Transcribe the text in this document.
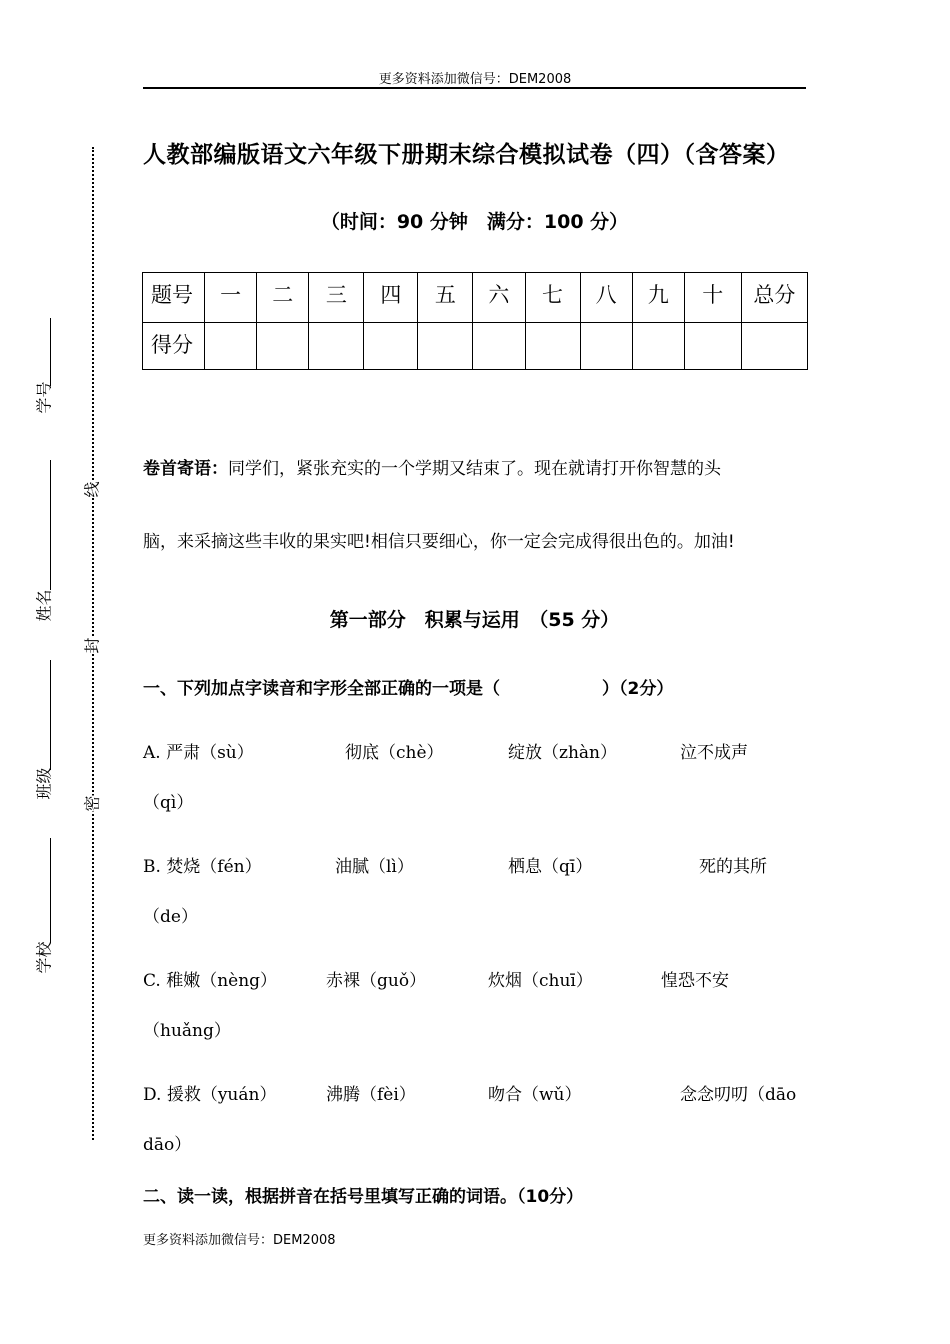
更多资料添加微信号：DEM2008
学号
姓名
班级
学校
线
封
密
人教部编版语文六年级下册期末综合模拟试卷（四）（含答案）
（时间：90 分钟　满分：100 分）
题号	一	二	三	四	五	六	七	八	九	十	总分
得分											
卷首寄语：同学们，紧张充实的一个学期又结束了。现在就请打开你智慧的头
脑，来采摘这些丰收的果实吧!相信只要细心，你一定会完成得很出色的。加油!
第一部分　积累与运用　（55 分）
一、下列加点字读音和字形全部正确的一项是（　　　　　　）（2分）
A. 严肃（sù）	彻底（chè）	绽放（zhàn）	泣不成声
（qì）
B. 焚烧（fén）	油腻（lì）	栖息（qī）	死的其所
（de）
C. 稚嫩（nèng）	赤裸（guǒ）	炊烟（chuī）	惶恐不安
（huǎng）
D. 援救（yuán）	沸腾（fèi）	吻合（wǔ）	念念叨叨（dāo
dāo）
二、读一读，根据拼音在括号里填写正确的词语。（10分）
更多资料添加微信号：DEM2008
